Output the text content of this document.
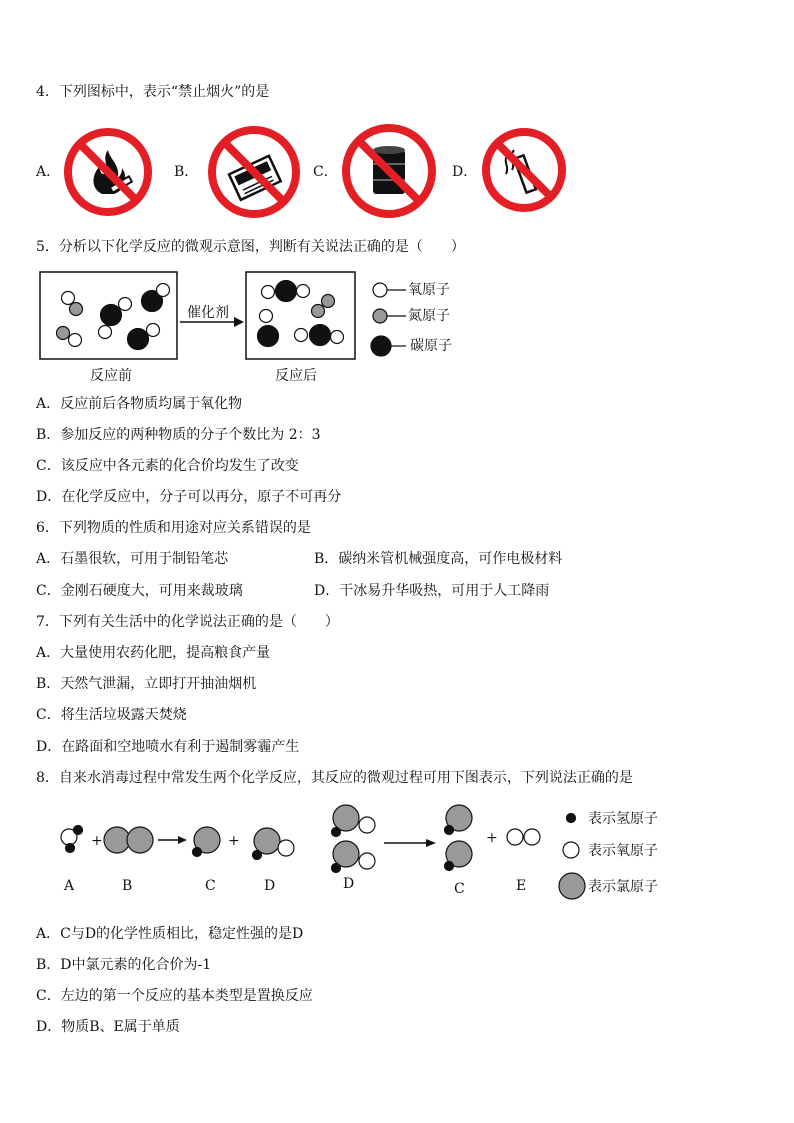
4．下列图标中，表示“禁止烟火”的是
A．	B．	C．	D．
5．分析以下化学反应的微观示意图，判断有关说法正确的是（　　）
催化剂
反应前	反应后
氧原子
氮原子
碳原子
A．反应前后各物质均属于氧化物
B．参加反应的两种物质的分子个数比为 2：3
C．该反应中各元素的化合价均发生了改变
D．在化学反应中，分子可以再分，原子不可再分
6．下列物质的性质和用途对应关系错误的是
A．石墨很软，可用于制铅笔芯	B．碳纳米管机械强度高，可作电极材料
C．金刚石硬度大，可用来裁玻璃	D．干冰易升华吸热，可用于人工降雨
7．下列有关生活中的化学说法正确的是（　　）
A．大量使用农药化肥，提高粮食产量
B．天然气泄漏，立即打开抽油烟机
C．将生活垃圾露天焚烧
D．在路面和空地喷水有利于遏制雾霾产生
8．自来水消毒过程中常发生两个化学反应，其反应的微观过程可用下图表示，下列说法正确的是
+	+	+
A	B	C	D	D	C	E
表示氢原子
表示氧原子
表示氯原子
A．C与D的化学性质相比，稳定性强的是D
B．D中氯元素的化合价为-1
C．左边的第一个反应的基本类型是置换反应
D．物质B、E属于单质
